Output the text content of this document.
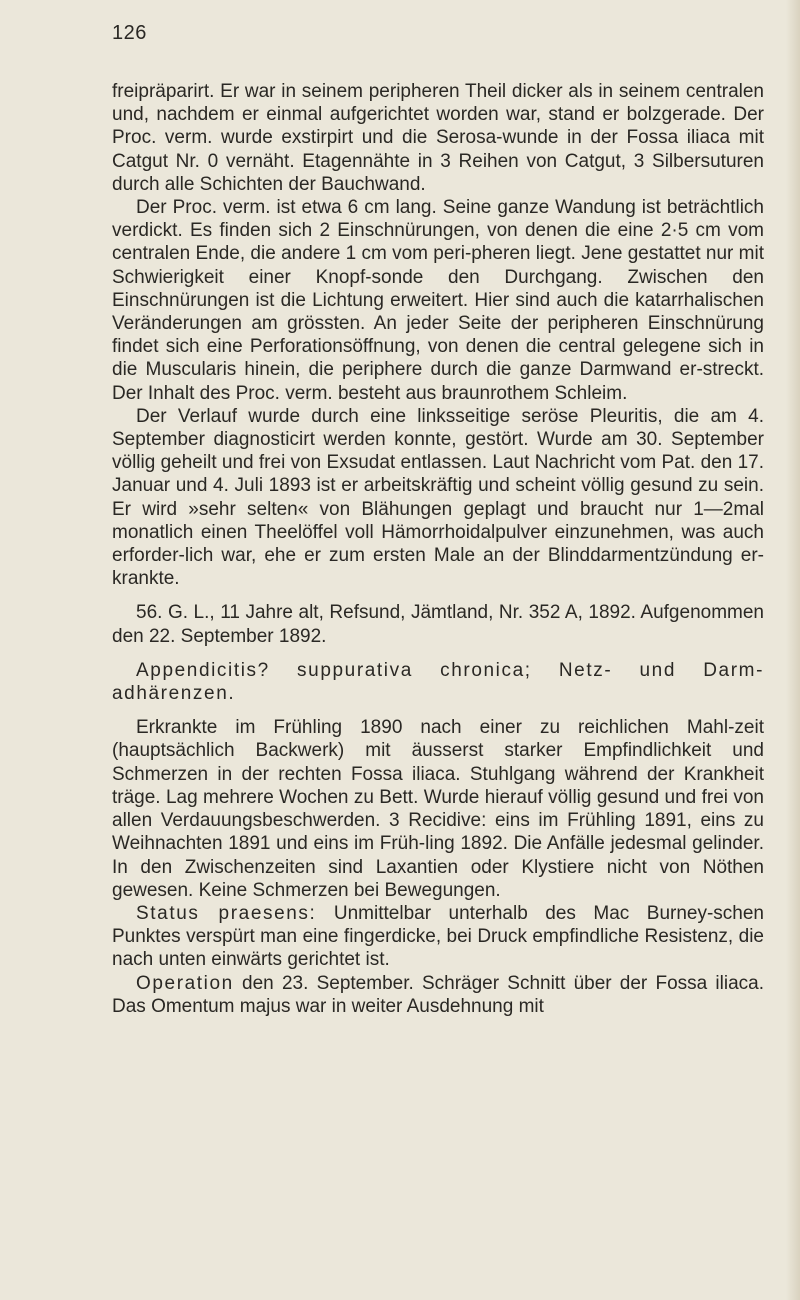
126

freipräparirt. Er war in seinem peripheren Theil dicker als in seinem centralen und, nachdem er einmal aufgerichtet worden war, stand er bolzgerade. Der Proc. verm. wurde exstirpirt und die Serosa-wunde in der Fossa iliaca mit Catgut Nr. 0 vernäht. Etagennähte in 3 Reihen von Catgut, 3 Silbersuturen durch alle Schichten der Bauchwand.

Der Proc. verm. ist etwa 6 cm lang. Seine ganze Wandung ist beträchtlich verdickt. Es finden sich 2 Einschnürungen, von denen die eine 2·5 cm vom centralen Ende, die andere 1 cm vom peri-pheren liegt. Jene gestattet nur mit Schwierigkeit einer Knopf-sonde den Durchgang. Zwischen den Einschnürungen ist die Lichtung erweitert. Hier sind auch die katarrhalischen Veränderungen am grössten. An jeder Seite der peripheren Einschnürung findet sich eine Perforationsöffnung, von denen die central gelegene sich in die Muscularis hinein, die periphere durch die ganze Darmwand er-streckt. Der Inhalt des Proc. verm. besteht aus braunrothem Schleim.

Der Verlauf wurde durch eine linksseitige seröse Pleuritis, die am 4. September diagnosticirt werden konnte, gestört. Wurde am 30. September völlig geheilt und frei von Exsudat entlassen. Laut Nachricht vom Pat. den 17. Januar und 4. Juli 1893 ist er arbeitskräftig und scheint völlig gesund zu sein. Er wird »sehr selten« von Blähungen geplagt und braucht nur 1—2mal monatlich einen Theelöffel voll Hämorrhoidalpulver einzunehmen, was auch erforder-lich war, ehe er zum ersten Male an der Blinddarmentzündung er-krankte.

56. G. L., 11 Jahre alt, Refsund, Jämtland, Nr. 352 A, 1892. Aufgenommen den 22. September 1892.

Appendicitis? suppurativa chronica; Netz- und Darm-adhärenzen.

Erkrankte im Frühling 1890 nach einer zu reichlichen Mahl-zeit (hauptsächlich Backwerk) mit äusserst starker Empfindlichkeit und Schmerzen in der rechten Fossa iliaca. Stuhlgang während der Krankheit träge. Lag mehrere Wochen zu Bett. Wurde hierauf völlig gesund und frei von allen Verdauungsbeschwerden. 3 Recidive: eins im Frühling 1891, eins zu Weihnachten 1891 und eins im Früh-ling 1892. Die Anfälle jedesmal gelinder. In den Zwischenzeiten sind Laxantien oder Klystiere nicht von Nöthen gewesen. Keine Schmerzen bei Bewegungen.

Status praesens: Unmittelbar unterhalb des Mac Burney-schen Punktes verspürt man eine fingerdicke, bei Druck empfindliche Resistenz, die nach unten einwärts gerichtet ist.

Operation den 23. September. Schräger Schnitt über der Fossa iliaca. Das Omentum majus war in weiter Ausdehnung mit
